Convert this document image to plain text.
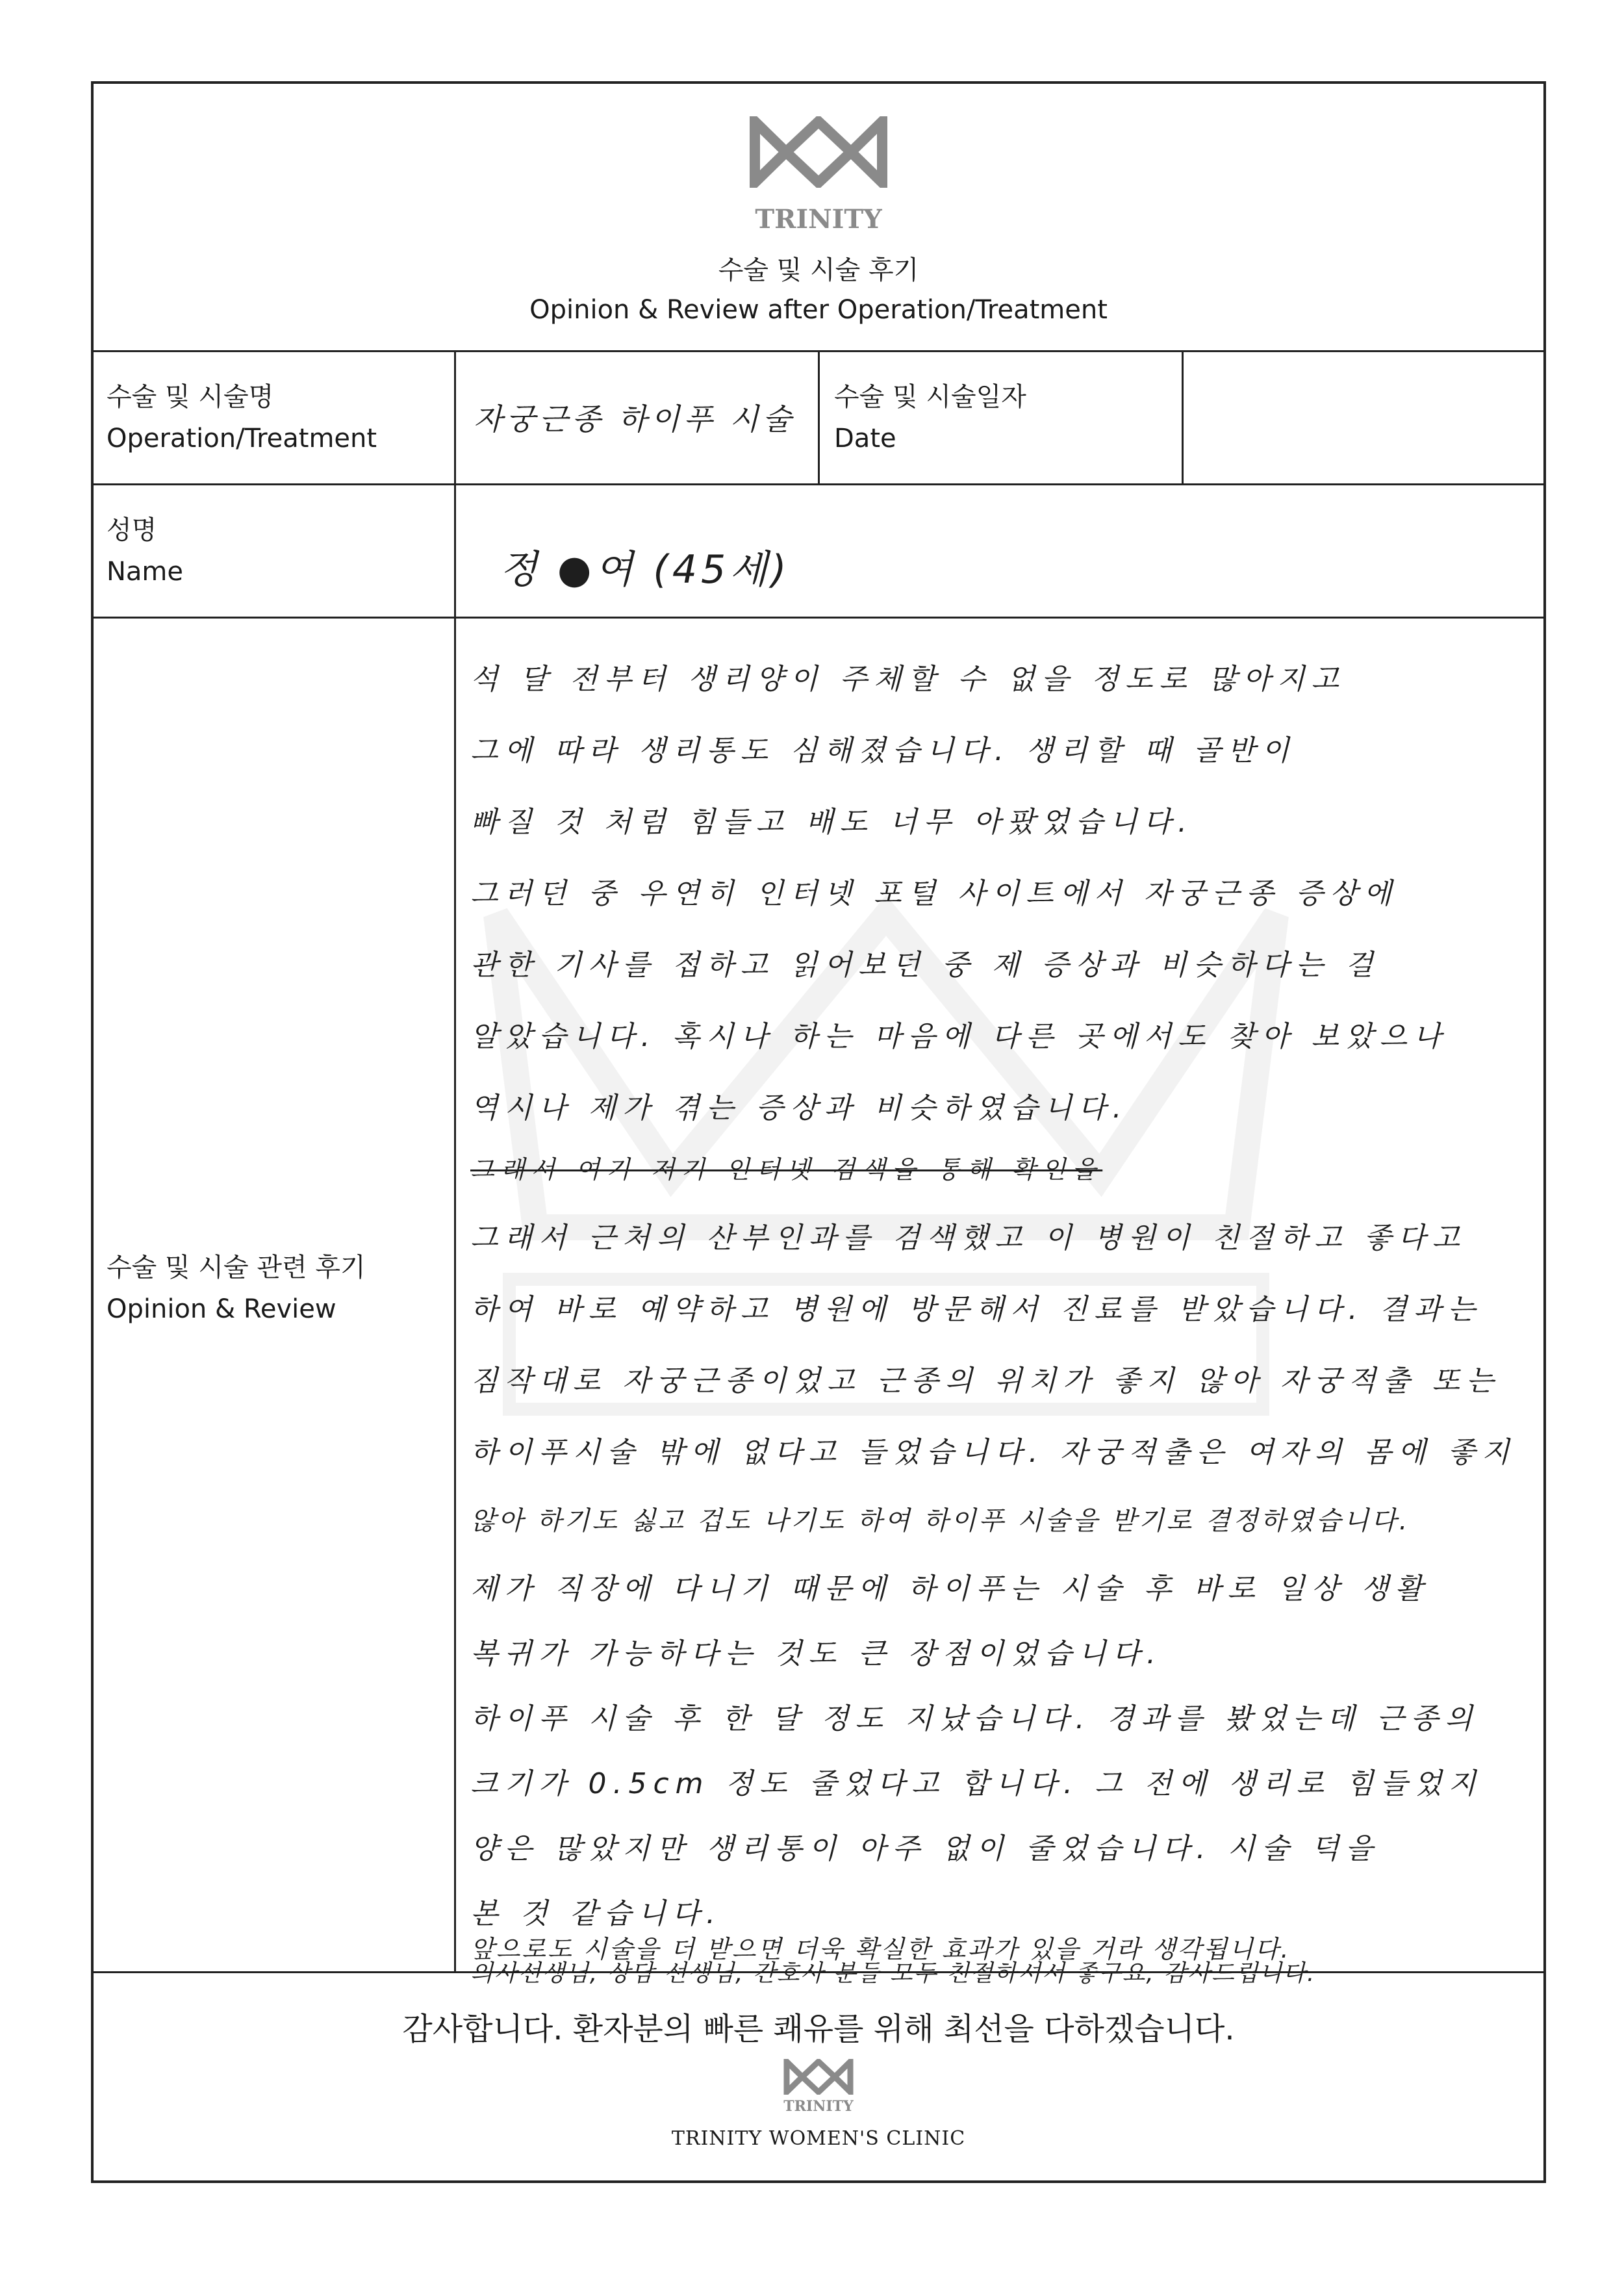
TRINITY
수술 및 시술 후기
Opinion & Review after Operation/Treatment
수술 및 시술명
Operation/Treatment
자궁근종 하이푸 시술
수술 및 시술일자
Date
성명
Name	정 ●여 (45세)
수술 및 시술 관련 후기
Opinion & Review
석 달 전부터 생리양이 주체할 수 없을 정도로 많아지고
그에 따라 생리통도 심해졌습니다. 생리할 때 골반이
빠질 것 처럼 힘들고 배도 너무 아팠었습니다.
그러던 중 우연히 인터넷 포털 사이트에서 자궁근종 증상에
관한 기사를 접하고 읽어보던 중 제 증상과 비슷하다는 걸
알았습니다. 혹시나 하는 마음에 다른 곳에서도 찾아 보았으나
역시나 제가 겪는 증상과 비슷하였습니다.
그래서 여기 저기 인터넷 검색을 통해 확인을
그래서 근처의 산부인과를 검색했고 이 병원이 친절하고 좋다고
하여 바로 예약하고 병원에 방문해서 진료를 받았습니다. 결과는
짐작대로 자궁근종이었고 근종의 위치가 좋지 않아 자궁적출 또는
하이푸시술 밖에 없다고 들었습니다. 자궁적출은 여자의 몸에 좋지
않아 하기도 싫고 겁도 나기도 하여 하이푸 시술을 받기로 결정하였습니다.
제가 직장에 다니기 때문에 하이푸는 시술 후 바로 일상 생활
복귀가 가능하다는 것도 큰 장점이었습니다.
하이푸 시술 후 한 달 정도 지났습니다. 경과를 봤었는데 근종의
크기가 0.5cm 정도 줄었다고 합니다. 그 전에 생리로 힘들었지
양은 많았지만 생리통이 아주 없이 줄었습니다. 시술 덕을
본 것 같습니다.
앞으로도 시술을 더 받으면 더욱 확실한 효과가 있을 거라 생각됩니다.
의사선생님, 상담 선생님, 간호사 분들 모두 친절하셔서 좋구요, 감사드립니다.
감사합니다. 환자분의 빠른 쾌유를 위해 최선을 다하겠습니다.
TRINITY
TRINITY WOMEN'S CLINIC
